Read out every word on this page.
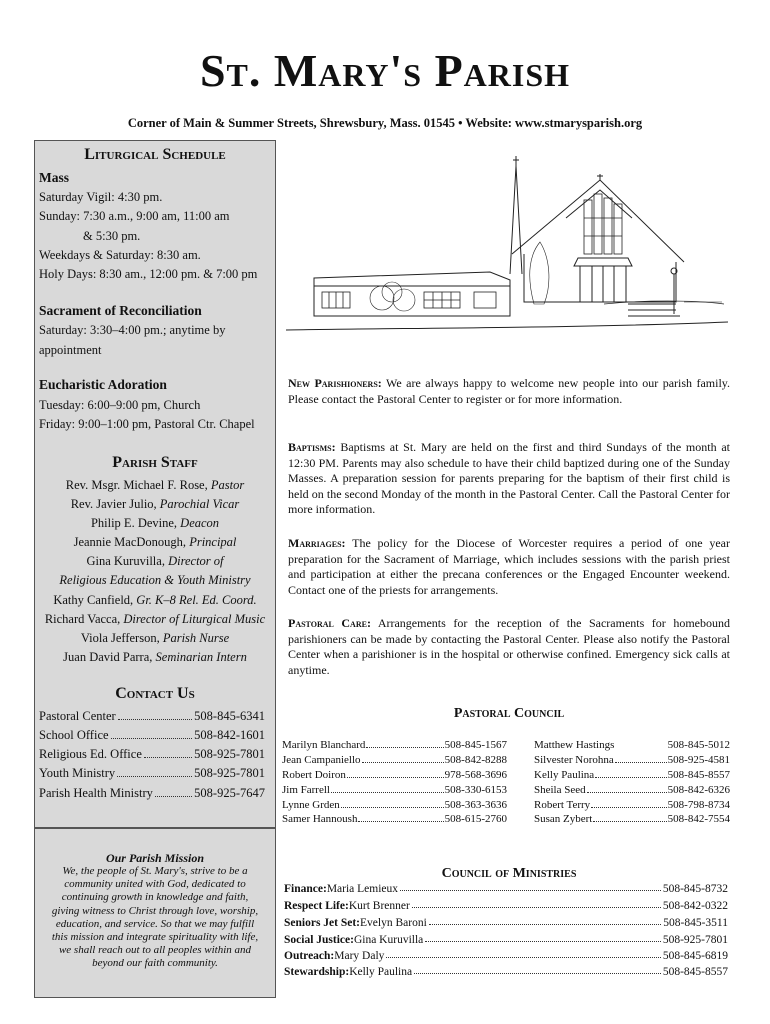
St. Mary's Parish
Corner of Main & Summer Streets, Shrewsbury, Mass. 01545 • Website: www.stmarysparish.org
Liturgical Schedule
Mass
Saturday Vigil: 4:30 pm.
Sunday: 7:30 a.m., 9:00 am, 11:00 am
& 5:30 pm.
Weekdays & Saturday: 8:30 am.
Holy Days: 8:30 am., 12:00 pm. & 7:00 pm
Sacrament of Reconciliation
Saturday: 3:30–4:00 pm.; anytime by
appointment
Eucharistic Adoration
Tuesday: 6:00–9:00 pm, Church
Friday: 9:00–1:00 pm, Pastoral Ctr. Chapel
Parish Staff
Rev. Msgr. Michael F. Rose, Pastor
Rev. Javier Julio, Parochial Vicar
Philip E. Devine, Deacon
Jeannie MacDonough, Principal
Gina Kuruvilla, Director of
Religious Education & Youth Ministry
Kathy Canfield, Gr. K–8 Rel. Ed. Coord.
Richard Vacca, Director of Liturgical Music
Viola Jefferson, Parish Nurse
Juan David Parra, Seminarian Intern
Contact Us
Pastoral Center	508-845-6341
School Office	508-842-1601
Religious Ed. Office	508-925-7801
Youth Ministry	508-925-7801
Parish Health Ministry	508-925-7647
Our Parish Mission
We, the people of St. Mary's, strive to be a community united with God, dedicated to continuing growth in knowledge and faith, giving witness to Christ through love, worship, education, and service. So that we may fulfill this mission and integrate spirituality with life, we shall reach out to all peoples within and beyond our faith community.
New Parishioners: We are always happy to welcome new people into our parish family. Please contact the Pastoral Center to register or for more information.
Baptisms: Baptisms at St. Mary are held on the first and third Sundays of the month at 12:30 PM. Parents may also schedule to have their child baptized during one of the Sunday Masses. A preparation session for parents preparing for the baptism of their first child is held on the second Monday of the month in the Pastoral Center. Call the Pastoral Center for more information.
Marriages: The policy for the Diocese of Worcester requires a period of one year preparation for the Sacrament of Marriage, which includes sessions with the parish priest and participation at either the precana conferences or the Engaged Encounter weekend. Contact one of the priests for arrangements.
Pastoral Care: Arrangements for the reception of the Sacraments for homebound parishioners can be made by contacting the Pastoral Center. Please also notify the Pastoral Center when a parishioner is in the hospital or otherwise confined. Emergency sick calls at anytime.
Pastoral Council
Marilyn Blanchard	508-845-1567
Jean Campaniello	508-842-8288
Robert Doiron	978-568-3696
Jim Farrell	508-330-6153
Lynne Grden	508-363-3636
Samer Hannoush	508-615-2760
Matthew Hastings	508-845-5012
Silvester Norohna	508-925-4581
Kelly Paulina	508-845-8557
Sheila Seed	508-842-6326
Robert Terry	508-798-8734
Susan Zybert	508-842-7554
Council of Ministries
Finance: Maria Lemieux	508-845-8732
Respect Life: Kurt Brenner	508-842-0322
Seniors Jet Set: Evelyn Baroni	508-845-3511
Social Justice: Gina Kuruvilla	508-925-7801
Outreach: Mary Daly	508-845-6819
Stewardship: Kelly Paulina	508-845-8557
